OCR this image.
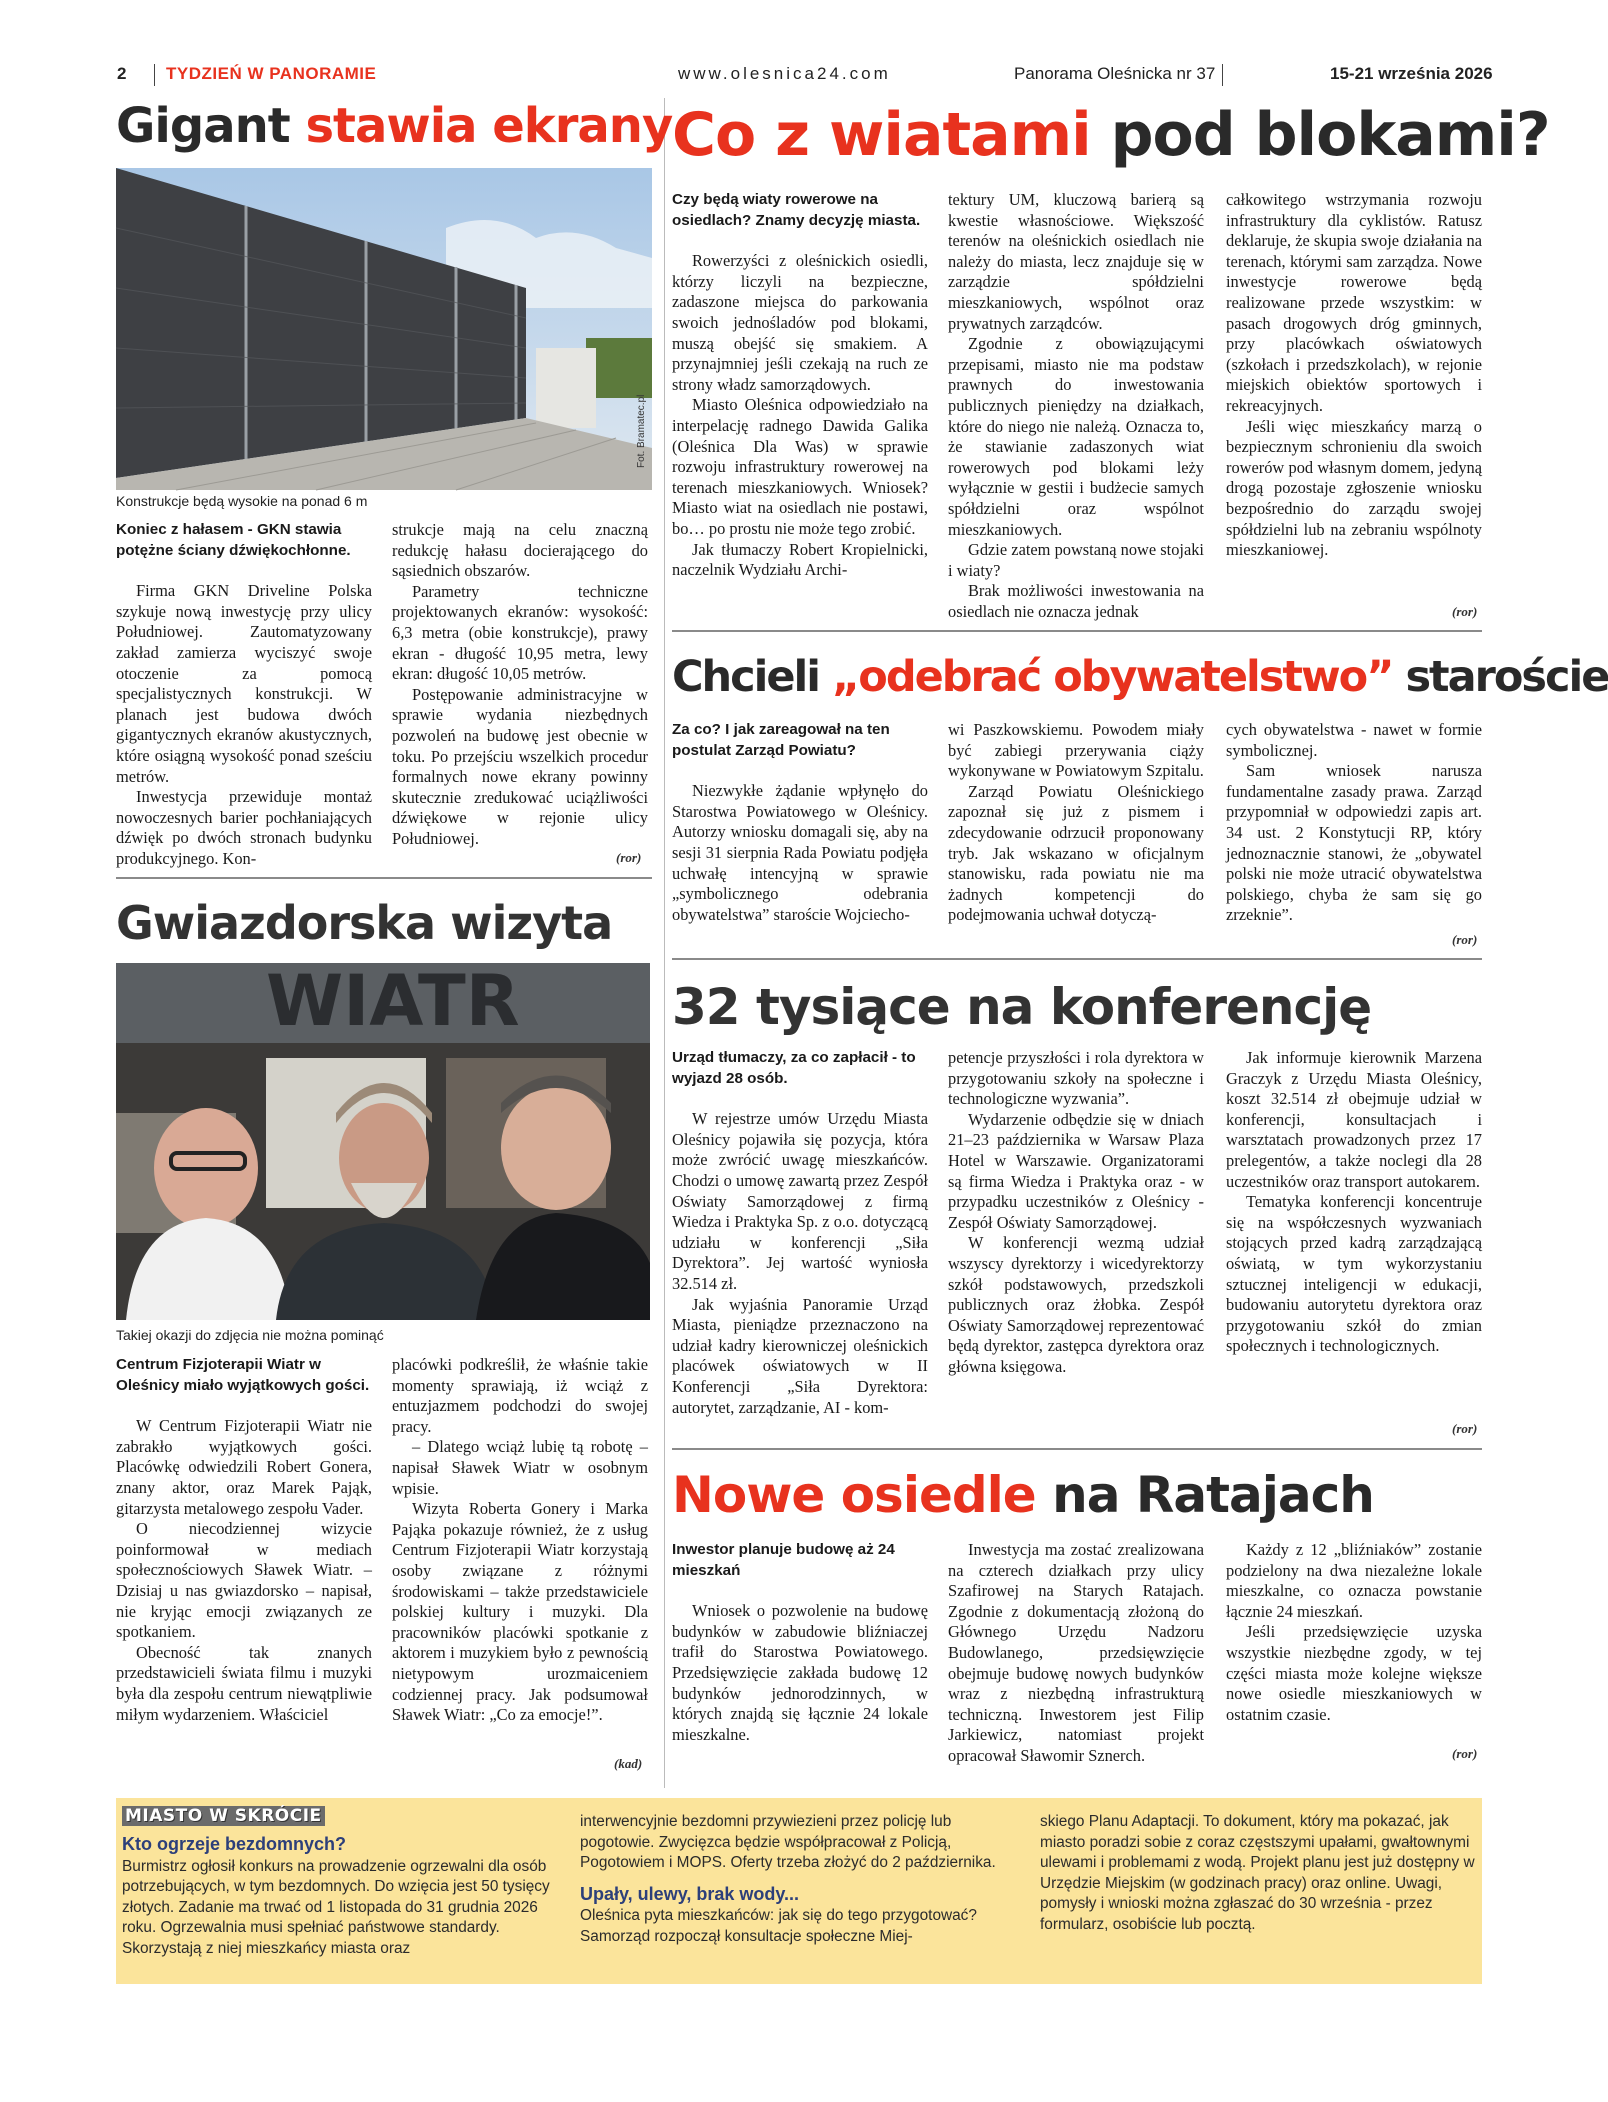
2 TYDZIEŃ W PANORAMIE	www.olesnica24.com	Panorama Oleśnicka nr 37	15-21 września 2026
Gigant stawia ekrany
Fot. Bramatec.pl
Konstrukcje będą wysokie na ponad 6 m
Koniec z hałasem - GKN stawia potężne ściany dźwiękochłonne.

Firma GKN Driveline Polska szykuje nową inwestycję przy ulicy Południowej. Zautomatyzowany zakład zamierza wyciszyć swoje otoczenie za pomocą specjalistycznych konstrukcji. W planach jest budowa dwóch gigantycznych ekranów akustycznych, które osiągną wysokość ponad sześciu metrów.

Inwestycja przewiduje montaż nowoczesnych barier pochłaniających dźwięk po dwóch stronach budynku produkcyjnego. Kon-

strukcje mają na celu znaczną redukcję hałasu docierającego do sąsiednich obszarów.

Parametry techniczne projektowanych ekranów: wysokość: 6,3 metra (obie konstrukcje), prawy ekran - długość 10,95 metra, lewy ekran: długość 10,05 metrów.

Postępowanie administracyjne w sprawie wydania niezbędnych pozwoleń na budowę jest obecnie w toku. Po przejściu wszelkich procedur formalnych nowe ekrany powinny skutecznie zredukować uciążliwości dźwiękowe w rejonie ulicy Południowej.

(ror)
Gwiazdorska wizyta
WIATR
Takiej okazji do zdjęcia nie można pominąć
Centrum Fizjoterapii Wiatr w Oleśnicy miało wyjątkowych gości.

W Centrum Fizjoterapii Wiatr nie zabrakło wyjątkowych gości. Placówkę odwiedzili Robert Gonera, znany aktor, oraz Marek Pająk, gitarzysta metalowego zespołu Vader.

O niecodziennej wizycie poinformował w mediach społecznościowych Sławek Wiatr. – Dzisiaj u nas gwiazdorsko – napisał, nie kryjąc emocji związanych ze spotkaniem.

Obecność tak znanych przedstawicieli świata filmu i muzyki była dla zespołu centrum niewątpliwie miłym wydarzeniem. Właściciel

placówki podkreślił, że właśnie takie momenty sprawiają, iż wciąż z entuzjazmem podchodzi do swojej pracy.

– Dlatego wciąż lubię tą robotę – napisał Sławek Wiatr w osobnym wpisie.

Wizyta Roberta Gonery i Marka Pająka pokazuje również, że z usług Centrum Fizjoterapii Wiatr korzystają osoby związane z różnymi środowiskami – także przedstawiciele polskiej kultury i muzyki. Dla pracowników placówki spotkanie z aktorem i muzykiem było z pewnością nietypowym urozmaiceniem codziennej pracy. Jak podsumował Sławek Wiatr: „Co za emocje!”.

(kad)
Co z wiatami pod blokami?
Czy będą wiaty rowerowe na osiedlach? Znamy decyzję miasta.

Rowerzyści z oleśnickich osiedli, którzy liczyli na bezpieczne, zadaszone miejsca do parkowania swoich jednośladów pod blokami, muszą obejść się smakiem. A przynajmniej jeśli czekają na ruch ze strony władz samorządowych.

Miasto Oleśnica odpowiedziało na interpelację radnego Dawida Galika (Oleśnica Dla Was) w sprawie rozwoju infrastruktury rowerowej na terenach mieszkaniowych. Wniosek? Miasto wiat na osiedlach nie postawi, bo… po prostu nie może tego zrobić.

Jak tłumaczy Robert Kropielnicki, naczelnik Wydziału Archi-

tektury UM, kluczową barierą są kwestie własnościowe. Większość terenów na oleśnickich osiedlach nie należy do miasta, lecz znajduje się w zarządzie spółdzielni mieszkaniowych, wspólnot oraz prywatnych zarządców.

Zgodnie z obowiązującymi przepisami, miasto nie ma podstaw prawnych do inwestowania publicznych pieniędzy na działkach, które do niego nie należą. Oznacza to, że stawianie zadaszonych wiat rowerowych pod blokami leży wyłącznie w gestii i budżecie samych spółdzielni oraz wspólnot mieszkaniowych.

Gdzie zatem powstaną nowe stojaki i wiaty?

Brak możliwości inwestowania na osiedlach nie oznacza jednak

całkowitego wstrzymania rozwoju infrastruktury dla cyklistów. Ratusz deklaruje, że skupia swoje działania na terenach, którymi sam zarządza. Nowe inwestycje rowerowe będą realizowane przede wszystkim: w pasach drogowych dróg gminnych, przy placówkach oświatowych (szkołach i przedszkolach), w rejonie miejskich obiektów sportowych i rekreacyjnych.

Jeśli więc mieszkańcy marzą o bezpiecznym schronieniu dla swoich rowerów pod własnym domem, jedyną drogą pozostaje zgłoszenie wniosku bezpośrednio do zarządu swojej spółdzielni lub na zebraniu wspólnoty mieszkaniowej.

(ror)
Chcieli „odebrać obywatelstwo” staroście
Za co? I jak zareagował na ten postulat Zarząd Powiatu?

Niezwykłe żądanie wpłynęło do Starostwa Powiatowego w Oleśnicy. Autorzy wniosku domagali się, aby na sesji 31 sierpnia Rada Powiatu podjęła uchwałę intencyjną w sprawie „symbolicznego odebrania obywatelstwa” staroście Wojciecho-

wi Paszkowskiemu. Powodem miały być zabiegi przerywania ciąży wykonywane w Powiatowym Szpitalu.

Zarząd Powiatu Oleśnickiego zapoznał się już z pismem i zdecydowanie odrzucił proponowany tryb. Jak wskazano w oficjalnym stanowisku, rada powiatu nie ma żadnych kompetencji do podejmowania uchwał dotyczą-

cych obywatelstwa - nawet w formie symbolicznej.

Sam wniosek narusza fundamentalne zasady prawa. Zarząd przypomniał w odpowiedzi zapis art. 34 ust. 2 Konstytucji RP, który jednoznacznie stanowi, że „obywatel polski nie może utracić obywatelstwa polskiego, chyba że sam się go zrzeknie”.

(ror)
32 tysiące na konferencję
Urząd tłumaczy, za co zapłacił - to wyjazd 28 osób.

W rejestrze umów Urzędu Miasta Oleśnicy pojawiła się pozycja, która może zwrócić uwagę mieszkańców. Chodzi o umowę zawartą przez Zespół Oświaty Samorządowej z firmą Wiedza i Praktyka Sp. z o.o. dotyczącą udziału w konferencji „Siła Dyrektora”. Jej wartość wyniosła 32.514 zł.

Jak wyjaśnia Panoramie Urząd Miasta, pieniądze przeznaczono na udział kadry kierowniczej oleśnickich placówek oświatowych w II Konferencji „Siła Dyrektora: autorytet, zarządzanie, AI - kom-

petencje przyszłości i rola dyrektora w przygotowaniu szkoły na społeczne i technologiczne wyzwania”.

Wydarzenie odbędzie się w dniach 21–23 października w Warsaw Plaza Hotel w Warszawie. Organizatorami są firma Wiedza i Praktyka oraz - w przypadku uczestników z Oleśnicy - Zespół Oświaty Samorządowej.

W konferencji wezmą udział wszyscy dyrektorzy i wicedyrektorzy szkół podstawowych, przedszkoli publicznych oraz żłobka. Zespół Oświaty Samorządowej reprezentować będą dyrektor, zastępca dyrektora oraz główna księgowa.

Jak informuje kierownik Marzena Graczyk z Urzędu Miasta Oleśnicy, koszt 32.514 zł obejmuje udział w konferencji, konsultacjach i warsztatach prowadzonych przez 17 prelegentów, a także noclegi dla 28 uczestników oraz transport autokarem.

Tematyka konferencji koncentruje się na współczesnych wyzwaniach stojących przed kadrą zarządzającą oświatą, w tym wykorzystaniu sztucznej inteligencji w edukacji, budowaniu autorytetu dyrektora oraz przygotowaniu szkół do zmian społecznych i technologicznych.

(ror)
Nowe osiedle na Ratajach
Inwestor planuje budowę aż 24 mieszkań

Wniosek o pozwolenie na budowę budynków w zabudowie bliźniaczej trafił do Starostwa Powiatowego. Przedsięwzięcie zakłada budowę 12 budynków jednorodzinnych, w których znajdą się łącznie 24 lokale mieszkalne.

Inwestycja ma zostać zrealizowana na czterech działkach przy ulicy Szafirowej na Starych Ratajach. Zgodnie z dokumentacją złożoną do Głównego Urzędu Nadzoru Budowlanego, przedsięwzięcie obejmuje budowę nowych budynków wraz z niezbędną infrastrukturą techniczną. Inwestorem jest Filip Jarkiewicz, natomiast projekt opracował Sławomir Sznerch.

Każdy z 12 „bliźniaków” zostanie podzielony na dwa niezależne lokale mieszkalne, co oznacza powstanie łącznie 24 mieszkań.

Jeśli przedsięwzięcie uzyska wszystkie niezbędne zgody, w tej części miasta może kolejne większe nowe osiedle mieszkaniowych w ostatnim czasie.

(ror)
MIASTO W SKRÓCIE
Kto ogrzeje bezdomnych?
Burmistrz ogłosił konkurs na prowadzenie ogrzewalni dla osób potrzebujących, w tym bezdomnych. Do wzięcia jest 50 tysięcy złotych. Zadanie ma trwać od 1 listopada do 31 grudnia 2026 roku. Ogrzewalnia musi spełniać państwowe standardy. Skorzystają z niej mieszkańcy miasta oraz
interwencyjnie bezdomni przywiezieni przez policję lub pogotowie. Zwycięzca będzie współpracował z Policją, Pogotowiem i MOPS. Oferty trzeba złożyć do 2 października.
Upały, ulewy, brak wody...
Oleśnica pyta mieszkańców: jak się do tego przygotować? Samorząd rozpoczął konsultacje społeczne Miej-
skiego Planu Adaptacji. To dokument, który ma pokazać, jak miasto poradzi sobie z coraz częstszymi upałami, gwałtownymi ulewami i problemami z wodą. Projekt planu jest już dostępny w Urzędzie Miejskim (w godzinach pracy) oraz online. Uwagi, pomysły i wnioski można zgłaszać do 30 września - przez formularz, osobiście lub pocztą.
